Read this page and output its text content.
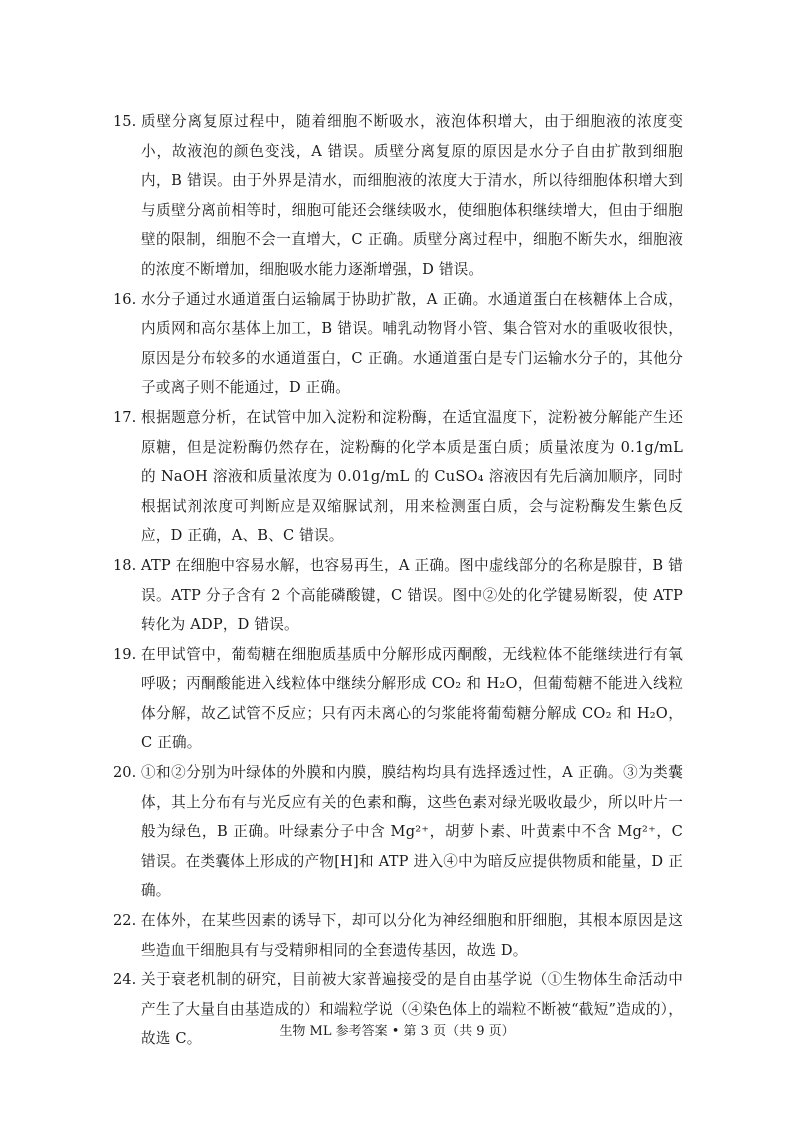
15. 质壁分离复原过程中，随着细胞不断吸水，液泡体积增大，由于细胞液的浓度变小，故液泡的颜色变浅，A 错误。质壁分离复原的原因是水分子自由扩散到细胞内，B 错误。由于外界是清水，而细胞液的浓度大于清水，所以待细胞体积增大到与质壁分离前相等时，细胞可能还会继续吸水，使细胞体积继续增大，但由于细胞壁的限制，细胞不会一直增大，C 正确。质壁分离过程中，细胞不断失水，细胞液的浓度不断增加，细胞吸水能力逐渐增强，D 错误。
16. 水分子通过水通道蛋白运输属于协助扩散，A 正确。水通道蛋白在核糖体上合成，内质网和高尔基体上加工，B 错误。哺乳动物肾小管、集合管对水的重吸收很快，原因是分布较多的水通道蛋白，C 正确。水通道蛋白是专门运输水分子的，其他分子或离子则不能通过，D 正确。
17. 根据题意分析，在试管中加入淀粉和淀粉酶，在适宜温度下，淀粉被分解能产生还原糖，但是淀粉酶仍然存在，淀粉酶的化学本质是蛋白质；质量浓度为 0.1g/mL 的 NaOH 溶液和质量浓度为 0.01g/mL 的 CuSO₄ 溶液因有先后滴加顺序，同时根据试剂浓度可判断应是双缩脲试剂，用来检测蛋白质，会与淀粉酶发生紫色反应，D 正确，A、B、C 错误。
18. ATP 在细胞中容易水解，也容易再生，A 正确。图中虚线部分的名称是腺苷，B 错误。ATP 分子含有 2 个高能磷酸键，C 错误。图中②处的化学键易断裂，使 ATP 转化为 ADP，D 错误。
19. 在甲试管中，葡萄糖在细胞质基质中分解形成丙酮酸，无线粒体不能继续进行有氧呼吸；丙酮酸能进入线粒体中继续分解形成 CO₂ 和 H₂O，但葡萄糖不能进入线粒体分解，故乙试管不反应；只有丙未离心的匀浆能将葡萄糖分解成 CO₂ 和 H₂O，C 正确。
20. ①和②分别为叶绿体的外膜和内膜，膜结构均具有选择透过性，A 正确。③为类囊体，其上分布有与光反应有关的色素和酶，这些色素对绿光吸收最少，所以叶片一般为绿色，B 正确。叶绿素分子中含 Mg²⁺，胡萝卜素、叶黄素中不含 Mg²⁺，C 错误。在类囊体上形成的产物[H]和 ATP 进入④中为暗反应提供物质和能量，D 正确。
22. 在体外，在某些因素的诱导下，却可以分化为神经细胞和肝细胞，其根本原因是这些造血干细胞具有与受精卵相同的全套遗传基因，故选 D。
24. 关于衰老机制的研究，目前被大家普遍接受的是自由基学说（①生物体生命活动中产生了大量自由基造成的）和端粒学说（④染色体上的端粒不断被“截短”造成的），故选 C。	生物 ML 参考答案 • 第 3 页（共 9 页）
